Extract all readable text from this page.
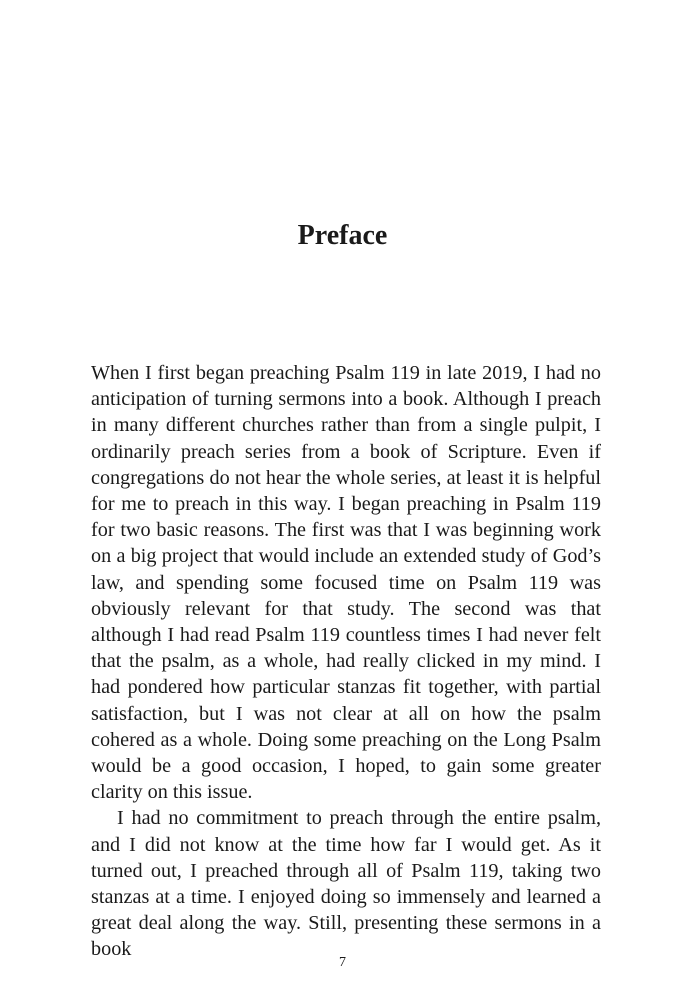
Preface

When I first began preaching Psalm 119 in late 2019, I had no anticipation of turning sermons into a book. Although I preach in many different churches rather than from a single pulpit, I ordinarily preach series from a book of Scripture. Even if congregations do not hear the whole series, at least it is helpful for me to preach in this way. I began preaching in Psalm 119 for two basic reasons. The first was that I was beginning work on a big project that would include an extended study of God’s law, and spending some focused time on Psalm 119 was obviously relevant for that study. The second was that although I had read Psalm 119 countless times I had never felt that the psalm, as a whole, had really clicked in my mind. I had pondered how particular stanzas fit together, with partial satisfaction, but I was not clear at all on how the psalm cohered as a whole. Doing some preaching on the Long Psalm would be a good occasion, I hoped, to gain some greater clarity on this issue.

I had no commitment to preach through the entire psalm, and I did not know at the time how far I would get. As it turned out, I preached through all of Psalm 119, taking two stanzas at a time. I enjoyed doing so immensely and learned a great deal along the way. Still, presenting these sermons in a book

7
